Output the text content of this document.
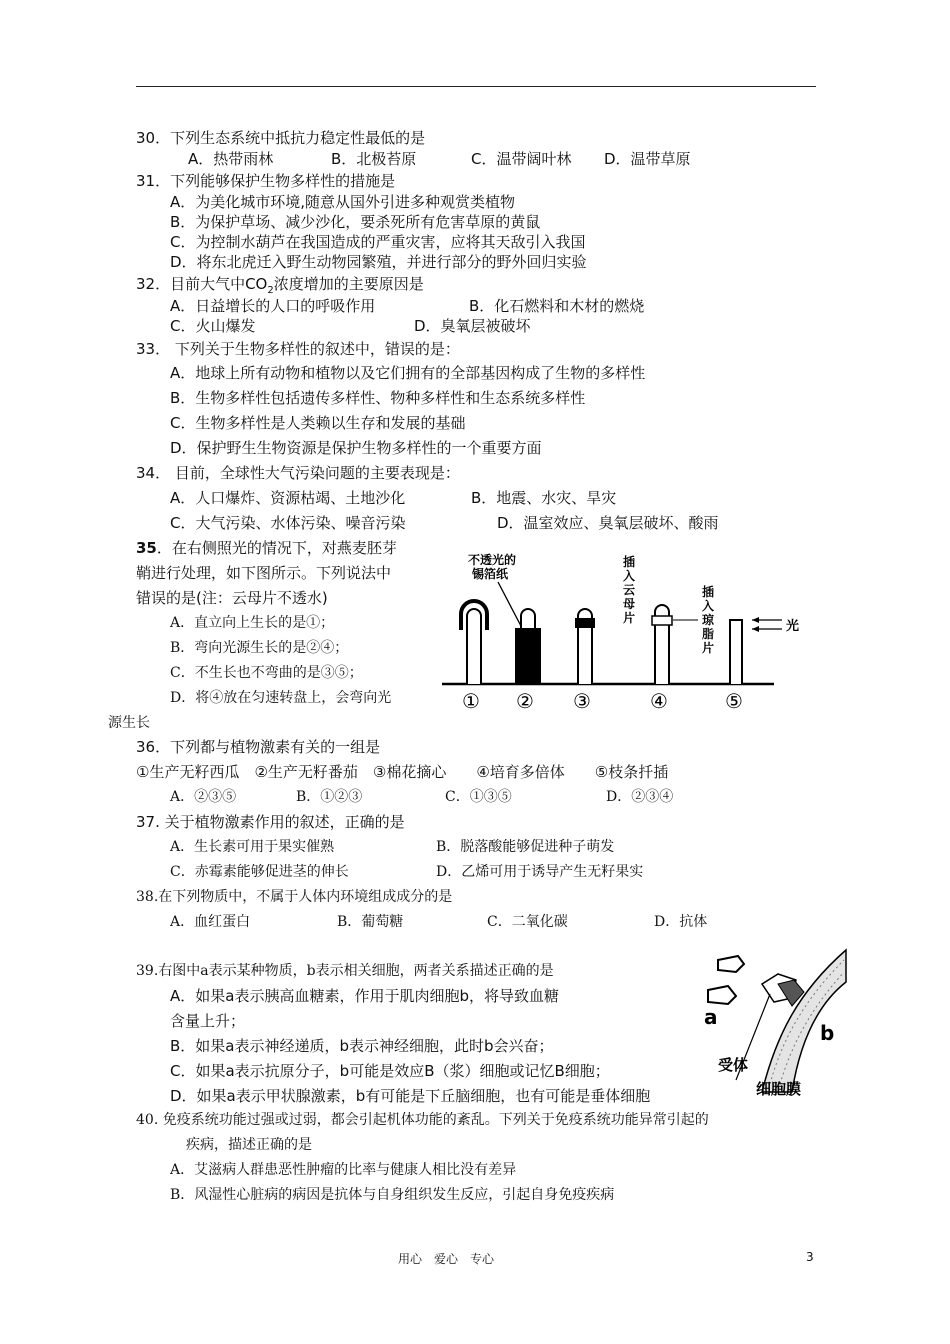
30．下列生态系统中抵抗力稳定性最低的是
A．热带雨林	B．北极苔原	C．温带阔叶林 D．温带草原
31．下列能够保护生物多样性的措施是
A．为美化城市环境,随意从国外引进多种观赏类植物
B．为保护草场、减少沙化，要杀死所有危害草原的黄鼠
C．为控制水葫芦在我国造成的严重灾害，应将其天敌引入我国
D．将东北虎迁入野生动物园繁殖，并进行部分的野外回归实验
32．目前大气中$CO_2$浓度增加的主要原因是
A．日益增长的人口的呼吸作用	B．化石燃料和木材的燃烧
C．火山爆发	D．臭氧层被破坏
33． 下列关于生物多样性的叙述中，错误的是：
A．地球上所有动物和植物以及它们拥有的全部基因构成了生物的多样性
B．生物多样性包括遗传多样性、物种多样性和生态系统多样性
C．生物多样性是人类赖以生存和发展的基础
D．保护野生生物资源是保护生物多样性的一个重要方面
34． 目前，全球性大气污染问题的主要表现是：
A．人口爆炸、资源枯竭、土地沙化	B．地震、水灾、旱灾
C．大气污染、水体污染、噪音污染	D．温室效应、臭氧层破坏、酸雨
35．在右侧照光的情况下，对燕麦胚芽
鞘进行处理，如下图所示。下列说法中
错误的是(注：云母片不透水)
A．直立向上生长的是①；
B．弯向光源生长的是②④；
C．不生长也不弯曲的是③⑤；
D．将④放在匀速转盘上，会弯向光
源生长
不透光的
锡箔纸
插
入
云
母
片
插
入
琼
脂
片
光
① ② ③	④	⑤
36．下列都与植物激素有关的一组是
①生产无籽西瓜　②生产无籽番茄　③棉花摘心　　④培育多倍体　　⑤枝条扦插
A．②③⑤	B．①②③	C．①③⑤	D．②③④
37. 关于植物激素作用的叙述，正确的是
A．生长素可用于果实催熟	B．脱落酸能够促进种子萌发
C．赤霉素能够促进茎的伸长	D．乙烯可用于诱导产生无籽果实
38.在下列物质中，不属于人体内环境组成成分的是
A．血红蛋白	B．葡萄糖	C．二氧化碳	D．抗体
39.右图中a表示某种物质，b表示相关细胞，两者关系描述正确的是
A．如果a表示胰高血糖素，作用于肌肉细胞b，将导致血糖
含量上升；
B．如果a表示神经递质，b表示神经细胞，此时b会兴奋；
C．如果a表示抗原分子，b可能是效应B（浆）细胞或记忆B细胞；
D．如果a表示甲状腺激素，b有可能是下丘脑细胞，也有可能是垂体细胞
a
b
受体
细胞膜
40. 免疫系统功能过强或过弱，都会引起机体功能的紊乱。下列关于免疫系统功能异常引起的
疾病，描述正确的是
A．艾滋病人群患恶性肿瘤的比率与健康人相比没有差异
B．风湿性心脏病的病因是抗体与自身组织发生反应，引起自身免疫疾病
用心　爱心　专心	3
